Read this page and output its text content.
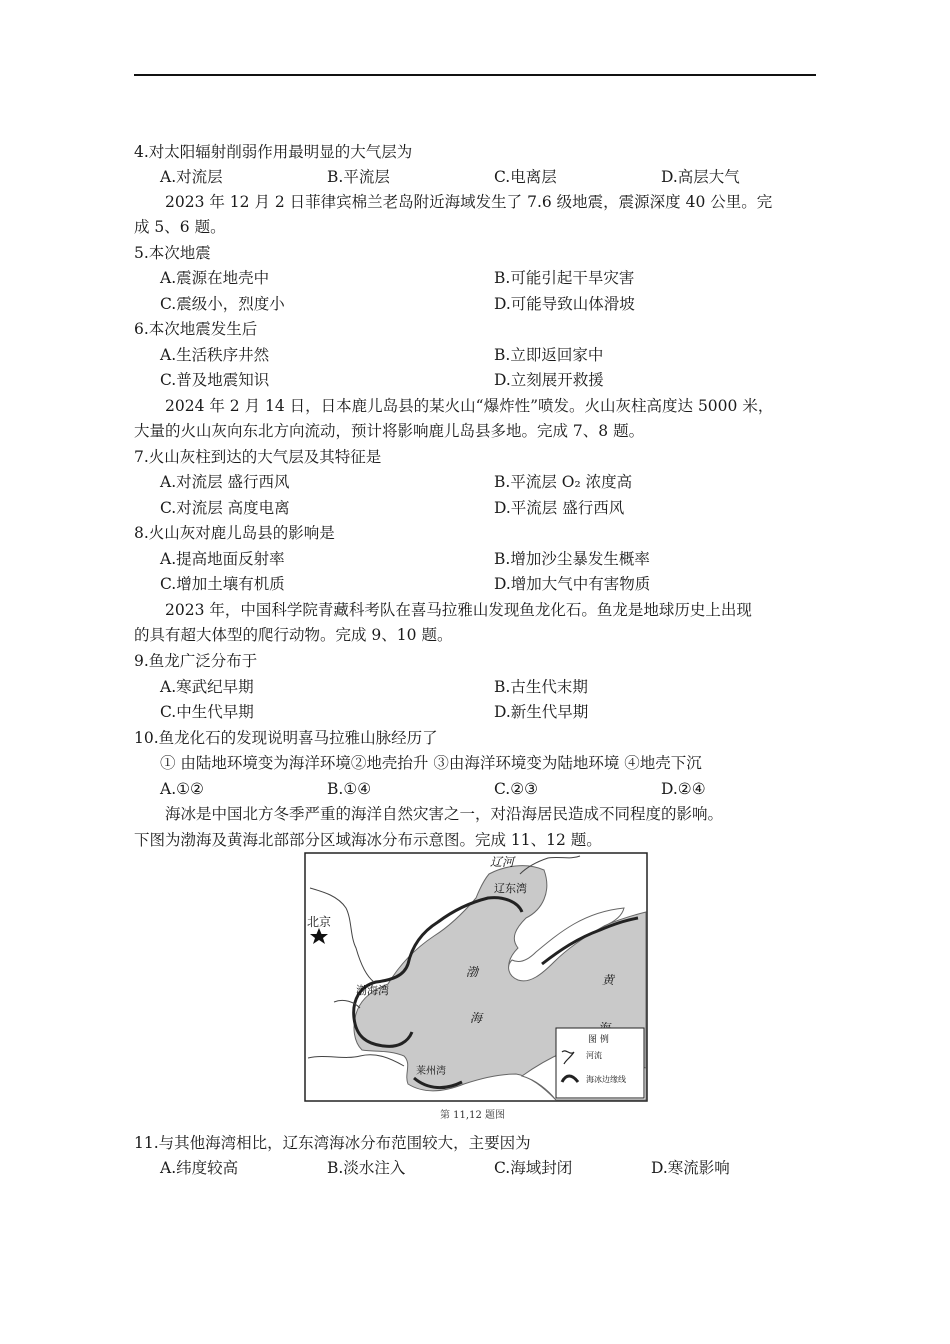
4.对太阳辐射削弱作用最明显的大气层为
A.对流层	B.平流层	C.电离层	D.高层大气
2023 年 12 月 2 日菲律宾棉兰老岛附近海域发生了 7.6 级地震，震源深度 40 公里。完
成 5、6 题。
5.本次地震
A.震源在地壳中	B.可能引起干旱灾害
C.震级小，烈度小	D.可能导致山体滑坡
6.本次地震发生后
A.生活秩序井然	B.立即返回家中
C.普及地震知识	D.立刻展开救援
2024 年 2 月 14 日，日本鹿儿岛县的某火山“爆炸性”喷发。火山灰柱高度达 5000 米，
大量的火山灰向东北方向流动，预计将影响鹿儿岛县多地。完成 7、8 题。
7.火山灰柱到达的大气层及其特征是
A.对流层 盛行西风	B.平流层 O₂ 浓度高
C.对流层 高度电离	D.平流层 盛行西风
8.火山灰对鹿儿岛县的影响是
A.提高地面反射率	B.增加沙尘暴发生概率
C.增加土壤有机质	D.增加大气中有害物质
2023 年，中国科学院青藏科考队在喜马拉雅山发现鱼龙化石。鱼龙是地球历史上出现
的具有超大体型的爬行动物。完成 9、10 题。
9.鱼龙广泛分布于
A.寒武纪早期	B.古生代末期
C.中生代早期	D.新生代早期
10.鱼龙化石的发现说明喜马拉雅山脉经历了
① 由陆地环境变为海洋环境②地壳抬升 ③由海洋环境变为陆地环境 ④地壳下沉
A.①②	B.①④	C.②③	D.②④
海冰是中国北方冬季严重的海洋自然灾害之一，对沿海居民造成不同程度的影响。
下图为渤海及黄海北部部分区域海冰分布示意图。完成 11、12 题。
辽河
辽东湾
北京
渤海湾
渤
海
黄
莱州湾
图 例
河流
海冰边缘线
第 11,12 题图
11.与其他海湾相比，辽东湾海冰分布范围较大，主要因为
A.纬度较高	B.淡水注入	C.海域封闭	D.寒流影响
